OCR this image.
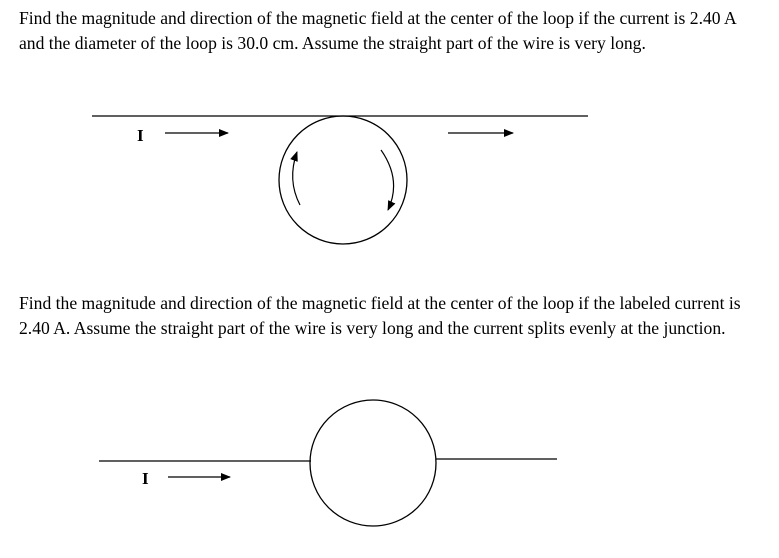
Find the magnitude and direction of the magnetic field at the center of the loop if the current is 2.40 A and the diameter of the loop is 30.0 cm. Assume the straight part of the wire is very long.

I

Find the magnitude and direction of the magnetic field at the center of the loop if the labeled current is 2.40 A. Assume the straight part of the wire is very long and the current splits evenly at the junction.

I
